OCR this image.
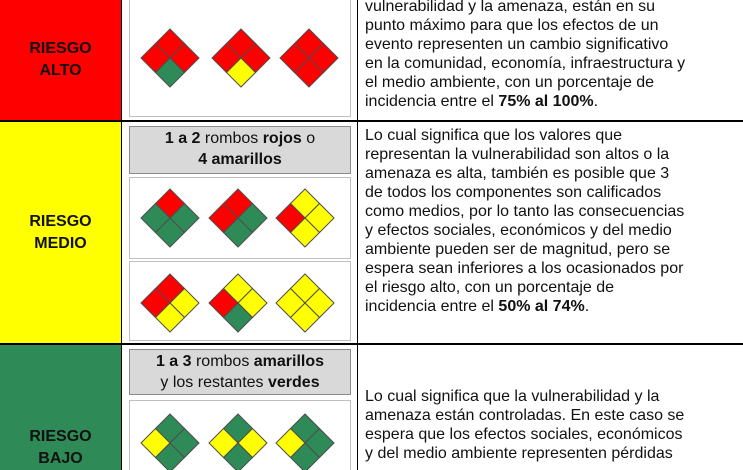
RIESGO
ALTO
vulnerabilidad y la amenaza, están en su
punto máximo para que los efectos de un
evento representen un cambio significativo
en la comunidad, economía, infraestructura y
el medio ambiente, con un porcentaje de
incidencia entre el 75% al 100%.
RIESGO
MEDIO
1 a 2 rombos rojos o
4 amarillos
Lo cual significa que los valores que
representan la vulnerabilidad son altos o la
amenaza es alta, también es posible que 3
de todos los componentes son calificados
como medios, por lo tanto las consecuencias
y efectos sociales, económicos y del medio
ambiente pueden ser de magnitud, pero se
espera sean inferiores a los ocasionados por
el riesgo alto, con un porcentaje de
incidencia entre el 50% al 74%.
RIESGO
BAJO
1 a 3 rombos amarillos
y los restantes verdes
Lo cual significa que la vulnerabilidad y la
amenaza están controladas. En este caso se
espera que los efectos sociales, económicos
y del medio ambiente representen pérdidas
